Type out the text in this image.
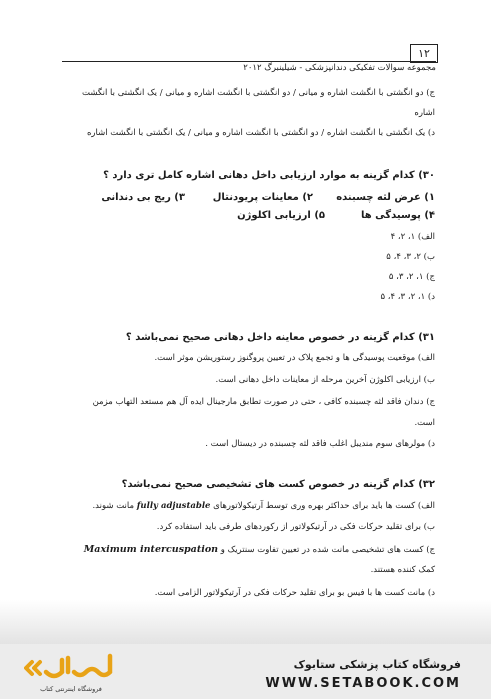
۱۲
مجموعه سوالات تفکیکی دندانپزشکی - شیلینبرگ ۲۰۱۲
ج) دو انگشتی با انگشت اشاره و میانی / دو انگشتی با انگشت اشاره و میانی / یک انگشتی با انگشت
اشاره
د) یک انگشتی با انگشت اشاره / دو انگشتی با انگشت اشاره و میانی / یک انگشتی با انگشت اشاره
۳۰) کدام گزینه به موارد ارزیابی داخل دهانی اشاره کامل تری دارد ؟
۱) عرض لثه چسبنده
۲) معاینات پریودنتال
۳) ریج بی دندانی
۴) پوسیدگی ها
۵) ارزیابی اکلوژن
الف) ۱، ۲، ۴
ب) ۲، ۳، ۴، ۵
ج) ۱، ۲، ۳، ۵
د) ۱، ۲، ۳، ۴، ۵
۳۱) کدام گزینه در خصوص معاینه داخل دهانی صحیح نمی‌باشد ؟
الف) موقعیت پوسیدگی ها و تجمع پلاک در تعیین پروگنوز رستوریشن موثر است.
ب) ارزیابی اکلوژن آخرین مرحله از معاینات داخل دهانی است.
ج) دندان فاقد لثه چسبنده کافی ، حتی در صورت تطابق مارجینال ایده آل هم مستعد التهاب مزمن
است.
د) مولرهای سوم مندیبل اغلب فاقد لثه چسبنده در دیستال است .
۳۲) کدام گزینه در خصوص کست های تشخیصی صحیح نمی‌باشد؟
الف) کست ها باید برای حداکثر بهره وری توسط آرتیکولاتورهای fully adjustable مانت شوند.
ب) برای تقلید حرکات فکی در آرتیکولاتور از رکوردهای طرفی باید استفاده کرد.
ج) کست های تشخیصی مانت شده در تعیین تفاوت سنتریک و Maximum intercuspation
کمک کننده هستند.
د) مانت کست ها با فیس بو برای تقلید حرکات فکی در آرتیکولاتور الزامی است.
فروشگاه اینترنتی کتاب
فروشگاه کتاب پزشکی ستابوک
WWW.SETABOOK.COM
